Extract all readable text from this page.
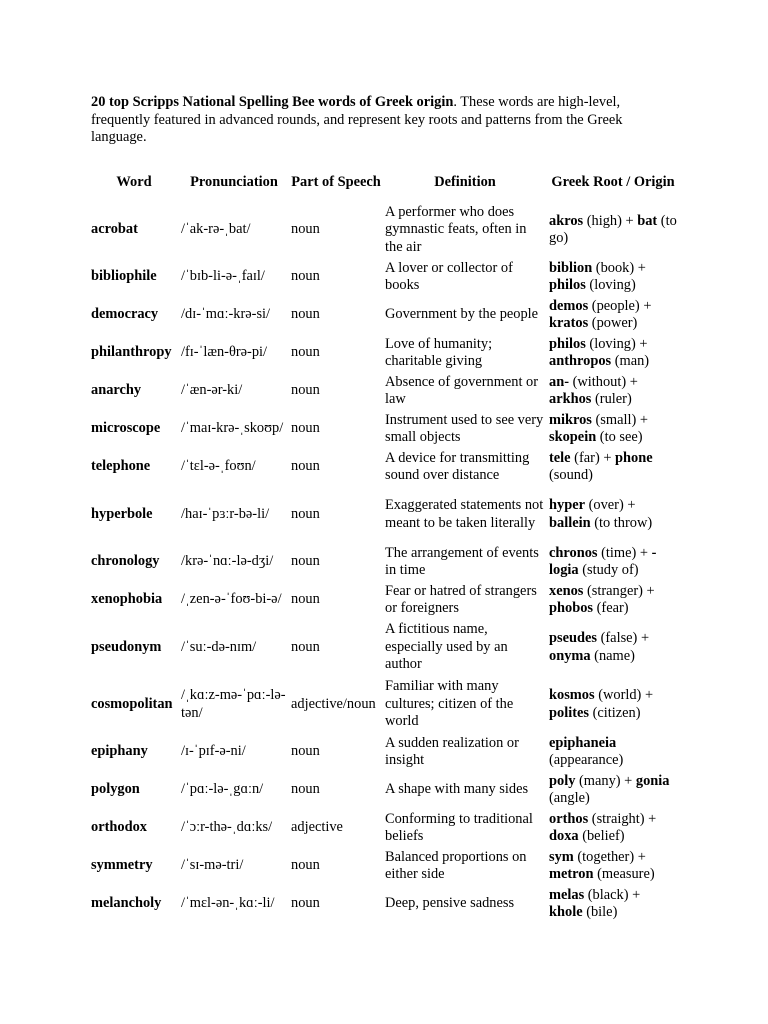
20 top Scripps National Spelling Bee words of Greek origin. These words are high-level, frequently featured in advanced rounds, and represent key roots and patterns from the Greek language.

Word	Pronunciation	Part of Speech	Definition	Greek Root / Origin
acrobat	/ˈak-rə-ˌbat/	noun	A performer who does gymnastic feats, often in the air	akros (high) + bat (to go)
bibliophile	/ˈbɪb-li-ə-ˌfaɪl/	noun	A lover or collector of books	biblion (book) + philos (loving)
democracy	/dɪ-ˈmɑː-krə-si/	noun	Government by the people	demos (people) + kratos (power)
philanthropy	/fɪ-ˈlæn-θrə-pi/	noun	Love of humanity; charitable giving	philos (loving) + anthropos (man)
anarchy	/ˈæn-ər-ki/	noun	Absence of government or law	an- (without) + arkhos (ruler)
microscope	/ˈmaɪ-krə-ˌskoʊp/	noun	Instrument used to see very small objects	mikros (small) + skopein (to see)
telephone	/ˈtɛl-ə-ˌfoʊn/	noun	A device for transmitting sound over distance	tele (far) + phone (sound)
hyperbole	/haɪ-ˈpɜːr-bə-li/	noun	Exaggerated statements not meant to be taken literally	hyper (over) + ballein (to throw)
chronology	/krə-ˈnɑː-lə-dʒi/	noun	The arrangement of events in time	chronos (time) + -logia (study of)
xenophobia	/ˌzen-ə-ˈfoʊ-bi-ə/	noun	Fear or hatred of strangers or foreigners	xenos (stranger) + phobos (fear)
pseudonym	/ˈsuː-də-nɪm/	noun	A fictitious name, especially used by an author	pseudes (false) + onyma (name)
cosmopolitan	/ˌkɑːz-mə-ˈpɑː-lə-tən/	adjective/noun	Familiar with many cultures; citizen of the world	kosmos (world) + polites (citizen)
epiphany	/ɪ-ˈpɪf-ə-ni/	noun	A sudden realization or insight	epiphaneia (appearance)
polygon	/ˈpɑː-lə-ˌgɑːn/	noun	A shape with many sides	poly (many) + gonia (angle)
orthodox	/ˈɔːr-thə-ˌdɑːks/	adjective	Conforming to traditional beliefs	orthos (straight) + doxa (belief)
symmetry	/ˈsɪ-mə-tri/	noun	Balanced proportions on either side	sym (together) + metron (measure)
melancholy	/ˈmɛl-ən-ˌkɑː-li/	noun	Deep, pensive sadness	melas (black) + khole (bile)
